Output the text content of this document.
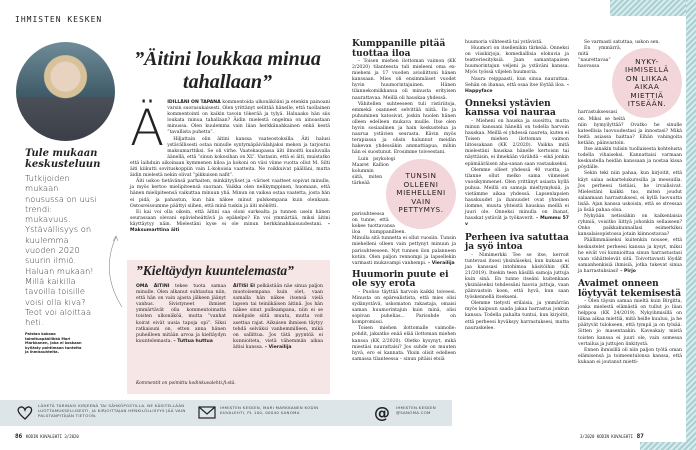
IHMISTEN KESKEN
”Äitini loukkaa minua tahallaan”
Ä IDILLÄNI ON TAPANA kommentoida ulkonäköäni ja etenkin painoani varsin suorasukaisesti. Olen yrittänyt selittää hänelle, että tuollainen kommentointi on kaikin tavoin tökerää ja tylyä. Haluaako hän siis loukata minua tahallaan? Äidin mielestä ongelma on ainoastaan minussa. Olen kuulemma vain liian herkkänahkainen enkä kestä ”tavallista puhetta”.

Hiljattain olin äitini kanssa vaateostoksilla. Äiti halusi ystävällisesti ostaa minulle syntymäpäivälahjaksi mekon ja tarjoutui maksumarttiksi. Se oli virhe. Vaatekaupassa äiti ilmoitti kuuluvalla äänellä, että ”sinun kokosihan on XL”. Vastasin, että ei äiti, muistatko että laihduin aikoinaan kymmenen kiloa ja kokoni on viisi viime vuotta ollut M. Silti äiti kiikutti sovituskoppiin vain L-kokoisia vaatteita. Ne roikkuivat päälläni, mutta äidin mielestä nekin olivat ”pikkuisen nafit”.

Äiti uskoo tietävänsä parhaiten, minkätyyliset ja -väriset vaatteet sopivat minulle, ja myös kertoo mielipiteensä suoraan. Vaikka olen nelikymppinen, huomaan, että hänen mielipiteensä vaikuttaa minuun yhä. Minun on vaikea ostaa vaatetta, josta hän ei pidä, ja pahastun, kun hän näkee minut pulskempana kuin olenkaan. Ostosreissumme päättyi siihen, että minä tuskin ja äiti mökötti.

Ei kai voi olla oikein, että äitini saa oloni surkealta ja tunnen usein hänen seurassaan olevani epävieheättävä ja epäkelpo? En voi ymmärtää, miksi äitini käyttäytyy näin. Mielestäni kyse ei ole minun herkkänahkaisuudestani. – Maksumarttina äiti

Tule mukaan keskusteluun
Tutkijoiden mukaan nousussa on uusi trendi: mukavuus. Ystävällisyys on kuulemma vuoden 2020 suurin ilmiö. Haluan mukaan! Millä kaikilla tavoilla toisille voisi olla kiva? Teot voi aloittaa heti.
Palstan kokoaa toimituspäällikkö Mari Markkanen, joka ei koskaan kyllästy pohtimaan tunteita ja ihmissuhteita.
”Kieltäydyn kuuntelemasta”
OMA ÄITINI tekee tuota samaa minulle. Olen alkanut suhtautua niin, että hän on vain ajasta jälkeen jäänyt vanhus. Sivistyneet ihmiset ymmärtävät olla kommentoimatta toisten ulkonäköä, mutta ”vanhat koirat eivät uusia tapoja opi”. Siksi ratkaisuni on, etten anna hänen puheilleen mitään arvoa ja kieltäydyn kuuntelemasta. – Tuttua huttua
ÄITISI EI pelkästään näe sinua paljon muotoisempana kuin olet, vaan samalla hän näkee itsensä vielä lapsen tai teiniikäisen äitinä. Jos hän näkee sinut pulleampana, niin ei se mielipide siitä muutu, mutta voit asettaa rajat. Aikuisen ihmisen täytyy tehdä selväksi vanhemmilleen, mikä on sallittua. Jos tätä pyyntöä ei kunnioiteta, vietä vähemmän aikaa äitisi kanssa. – Vierailija
Kommentit on poimittu kodinkuvalehti.fi:stä.
LÄHETÄ TARINASI KIRJEENÄ TAI SÄHKÖPOSTILLA. NE KÄSITELLÄÄN LUOTTAMUKSELLISESTI, JA KIRJOITTAJAN HENKILÖLLISYYS JÄÄ VAIN PALSTANPITÄJÄN TIETOON.
IHMISTEN KESKEN, MARI MARKKANEN KODIN KUVALEHTI, PL 100, 00040 SANOMA
86 KODIN KUVALEHTI 3/2020
Kumppanille pitää tuottaa iloa

– Toisen miehen ilottoman vaimon (KK 2/2020) tilanteesta tuli mieleeni oma ex-mieheni ja 17 vuoden avioliittoni hänen kanssaan. Mies oli ensimmäiset vuodet hyvin huumorintajuinen. Hänen tilannekomiikkansa oli minusta erityisen naurattavaa. Meillä oli hauskaa yhdessä.

Vähitellen suhteeseen tuli ristiriitoja, emmekä osanneet selvittää niitä. Ilo ja puhuminen katosivat, joskin huolen hänen olleen edelleen mukava muille. Itse olen hyvin sosiaalinen ja hain keskustelua ja naurua ystävien seurasta. Kävin myös terapiassa ja olisin halunnut meidän hakevan yhdessäkin ammattiapua, mihin hän ei suostunut. Erosimme toiveestani.

TUNSIN OLLEENI MIEHELLENI VAIN PETTYMYS.

Luin psykologi Maaret Kallion kolumnin siitä, miten tärkeää parisuhteessa on tunne, että kokee tuottavansa iloa kumppanilleen. Minulla sitä tunnetta ei ollut vuosiin. Tunsin miehelleni olleen vain pettynyt minuun ja parisuhteeseen. Nyt tunnen ilon palanneen kotiin. Olen paljon rennompi ja lapsellekin varmasti mukavampi vanhempi. – Vierailija

Huumorin puute ei ole syy erota

– Puoliso täyttää harvoin kaikki toiveesi. Minusta on epärealistista, että mies olisi sydänystävä, uskomaton rakastaja, omaisi saman huumorintajun kuin minä, olisi sopivan puhelias... Parisuhde on kompromissi.

Toisen miehen ilottomalle vaimolle: pohdit, jaksatko enää elää ilottoman miehen kanssa (KK 2/2020). Oletko kysynyt, mikä miestäsi naurattaisi? Jos suhde on muuten hyvä, ero ei kannata. Yksin olisit edelleen samassa tilanteessa – sinun pitäisi etsiä

huumoria viihteestä tai ystävistä.

Huumori on itsellenikin tärkeää. Onneksi on viisikirjoja, komediallisia elokuvia ja teatteriesityksiä. Jaan samantapaisen huumorintajun veljeni ja ystäväni kanssa. Myös työssä viljelen huumoria.

Naura reippaasti, kun sinua naurattaa. Sehän on ihanaa, että osaa itse löytää iloa. – Happyface

Onneksi ystävien kanssa voi nauraa

– Mieheni on hauska ja suosittu, mutta minun kanssani hänellä on todella harvoin hauskaa. Meillä ei yhdessä naureta, kuten ei Toisen miehen ilottoman vaimon liitossakaan (KK 2/2020). Vaikka mitä mielestäni hauskaa hänelle kertoisin tai näyttäisin, ei ilmekään värähdä – eikä jonkin epämääräisen aha-sanan saan vastaukseksi.

Olemme olleet yhdessä 40 vuotta, ja tilanne ollut melko sama viimeiset vuosikymmenet. Olen yrittänyt asiasta kyllä puhua. Meillä on samoja mieltymyksiä, ja vietämme aikaa yhdessä. Lapsenlapsien hauskuudet ja ihanuudet ovat yhteinen ilomme, muuta yhteistä hauskaa meillä ei juuri ole. Onneksi minulla on ihanat, hauskat ystävät ja työkaverit. – Mummu 57 v

Perheen iva satuttaa ja syö intoa

– Nimimerkki Tee se itse, kerroit tuntevasi itsesi yksinäiseksi, kun kukaan ei jaa kanssasi intohimoa käsitöihin (KK 21/2019). Itsekin teen käsillä samoja juttuja kuin sinä. En tunne itseäni kuitenkaan yksinäiseksi tehdessäni haovia juttuja, vaan päinvastoin koen, että hyvä, kun saan työskennellä itsekseni.

Olemme tietysti erilaisia, ja ymmärrän myös kaipuun saada jakaa harrastus jonkun kanssa. Todella pahalta tuntui, kun kirjoitit, että perheesi hyväksyy harrastuksesi, mutta nauraskelee.

Se varmasti satuttaa, uskon sen.

NYKY-IHMISELLÄ ON LIIKAA AIKAA MIETTIÄ ITSEÄÄN.

En ymmärrä, mitä ”naurettavaa” haovassa harrastuksessasi on. Miksi se heitä niin hymyilyttää? Ovatko he sinulle kateellisia luovuudestasi ja innostasi? Mikä heitä asiassa haittaa? Eihän vahingoita ketään, päinvastoin.

Itse ainakin tulisin tuollaisesta kohtelusta todella vihaiseksi. Kannattaisi varmaan keskustella heidän kanssaan ja nostaa kissa pöydälle.

Sekin teki niin pahaa, kun kirjoitit, että käyt salaa askartelukurssilla ja messuilla. Jos perheesi tietäisi, he irvailisivat. Mielestäni kaikki tuo, miten joudut salaamaan harrastuksesi, ei kyllä luovuutta lisää. Ajan kanssa uskoisin, että se stressaa ja lisää pahaa oloa.

Nykyään netissäkin on kaikenlaisia ryhmiä, voisitko liittyä johonkin sellaiseen? Onko paikkakunnallasi esimerkiksi kansalaisopistossa jotain kiinnostavaa?

Päällimmäiseksi kuitenkin nousee, että keskustelet perheesi kanssa ja kysyt, miksi he eivät voi kunnioittaa sinun harrastustasi vaan vähättelevät sitä. Toivottavasti löydät samanhenkisiä ihmisiä, jotka tukevat sinua ja harrastuksiasi! – Pirjo

Avaimet onneen löytyvät tekemisestä

– Olen täysin samaa mieltä kuin Birgitta, jonka mielestä elämästä on tullut jo liian helppoa (KK 24/2019). Nykyihmisillä on liikaa aikaa miettiä, mitä heille kuuluu, ja he päätyvät tulokseen, että tympii ja on tylsää. Sitten jo masentaakin. Kaveakaiy mistä toisten kanssa ei juuri ole, vain somessa vertailua ja juttujen linkitystä.

Ennen ihmisillä oli niin paljon työtä oman elämisensä ja toimeentulonsa kanssa, että kukaan ei joutanut mietti-

@ IHMISTEN.KESKEN @SANOMA.COM
3/2020 KODIN KUVALEHTI 87
